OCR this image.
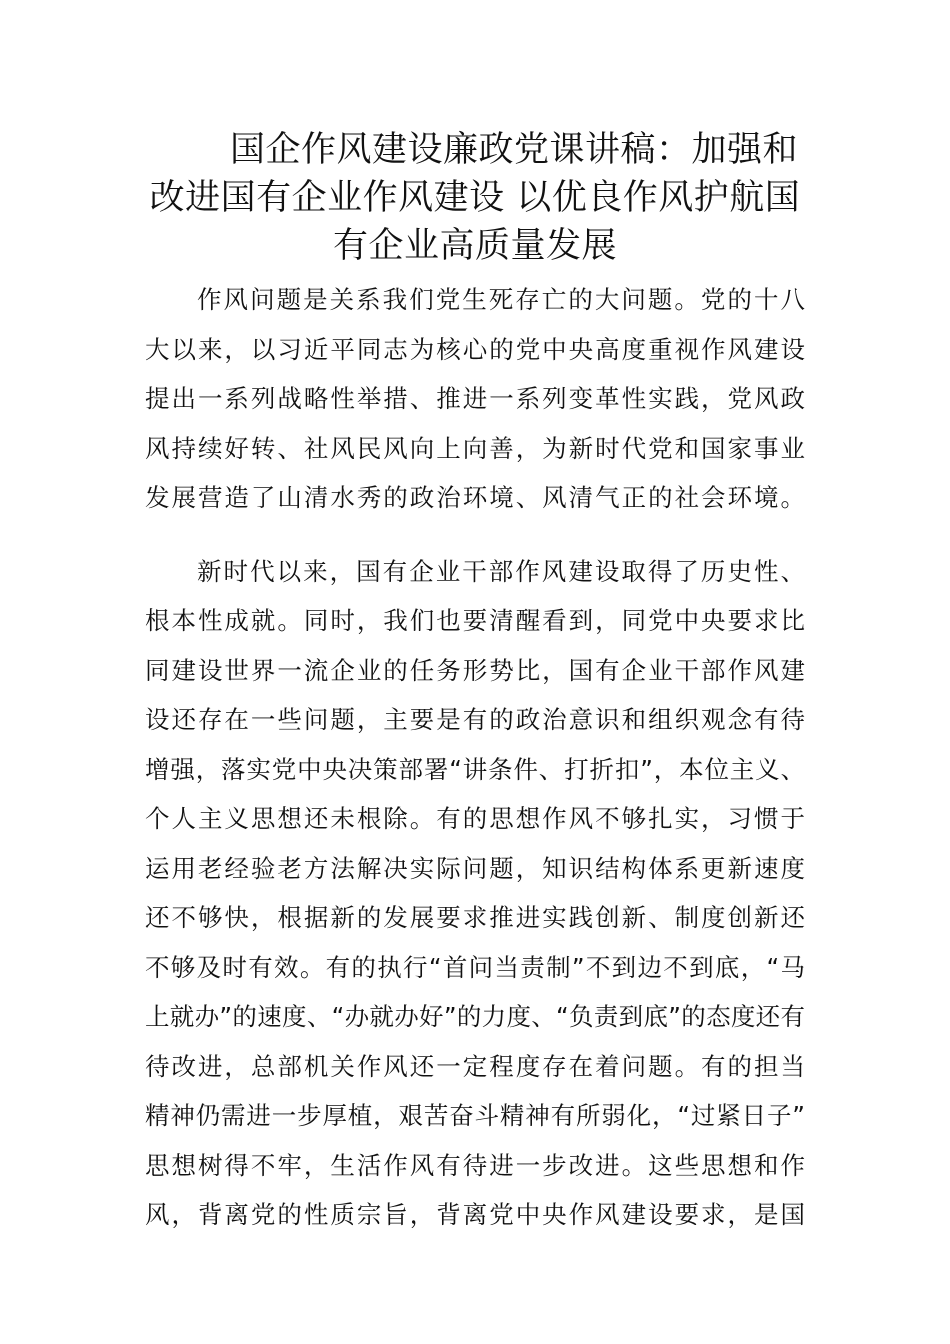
国企作风建设廉政党课讲稿：加强和
改进国有企业作风建设 以优良作风护航国
有企业高质量发展

作风问题是关系我们党生死存亡的大问题。党的十八
大以来，以习近平同志为核心的党中央高度重视作风建设
提出一系列战略性举措、推进一系列变革性实践，党风政
风持续好转、社风民风向上向善，为新时代党和国家事业
发展营造了山清水秀的政治环境、风清气正的社会环境。

新时代以来，国有企业干部作风建设取得了历史性、
根本性成就。同时，我们也要清醒看到，同党中央要求比
同建设世界一流企业的任务形势比，国有企业干部作风建
设还存在一些问题，主要是有的政治意识和组织观念有待
增强，落实党中央决策部署“讲条件、打折扣”，本位主义、
个人主义思想还未根除。有的思想作风不够扎实，习惯于
运用老经验老方法解决实际问题，知识结构体系更新速度
还不够快，根据新的发展要求推进实践创新、制度创新还
不够及时有效。有的执行“首问当责制”不到边不到底，“马
上就办”的速度、“办就办好”的力度、“负责到底”的态度还有
待改进，总部机关作风还一定程度存在着问题。有的担当
精神仍需进一步厚植，艰苦奋斗精神有所弱化，“过紧日子”
思想树得不牢，生活作风有待进一步改进。这些思想和作
风，背离党的性质宗旨，背离党中央作风建设要求，是国
